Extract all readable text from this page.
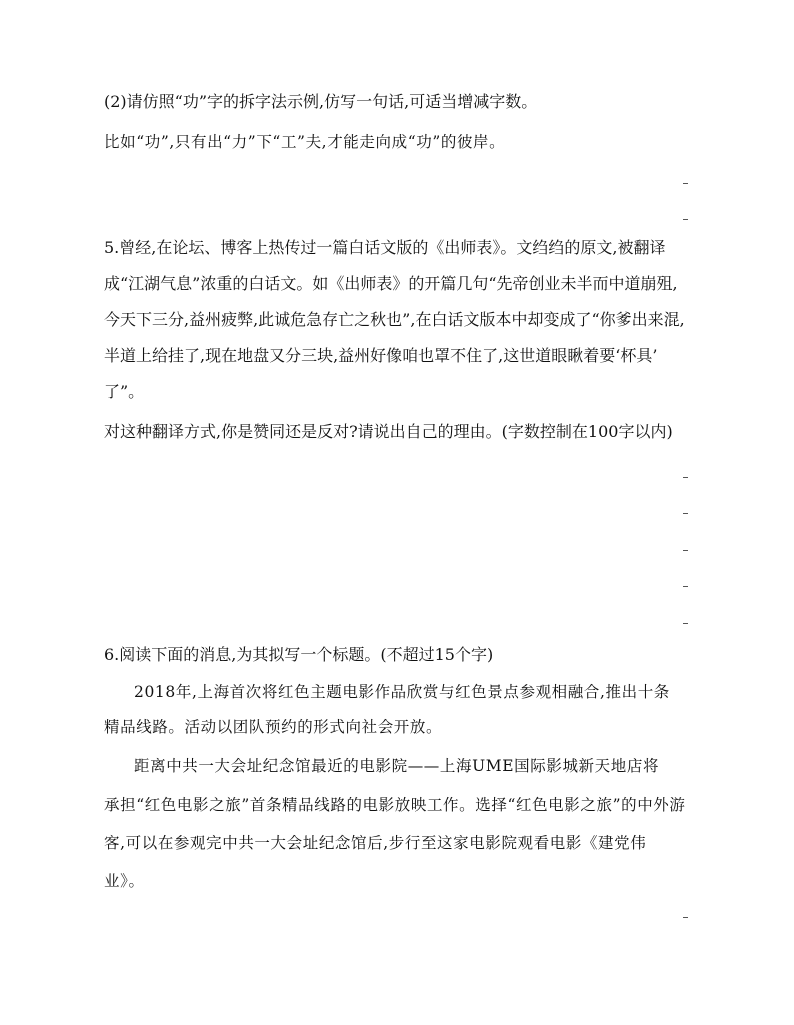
(2)请仿照“功”字的拆字法示例,仿写一句话,可适当增减字数。
比如“功”,只有出“力”下“工”夫,才能走向成“功”的彼岸。
5.曾经,在论坛、博客上热传过一篇白话文版的《出师表》。文绉绉的原文,被翻译
成“江湖气息”浓重的白话文。如《出师表》的开篇几句“先帝创业未半而中道崩殂,
今天下三分,益州疲弊,此诚危急存亡之秋也”,在白话文版本中却变成了“你爹出来混,
半道上给挂了,现在地盘又分三块,益州好像咱也罩不住了,这世道眼瞅着要‘杯具’
了”。
对这种翻译方式,你是赞同还是反对?请说出自己的理由。(字数控制在100字以内)
6.阅读下面的消息,为其拟写一个标题。(不超过15个字)
2018年,上海首次将红色主题电影作品欣赏与红色景点参观相融合,推出十条
精品线路。活动以团队预约的形式向社会开放。
距离中共一大会址纪念馆最近的电影院——上海UME国际影城新天地店将
承担“红色电影之旅”首条精品线路的电影放映工作。选择“红色电影之旅”的中外游
客,可以在参观完中共一大会址纪念馆后,步行至这家电影院观看电影《建党伟
业》。
